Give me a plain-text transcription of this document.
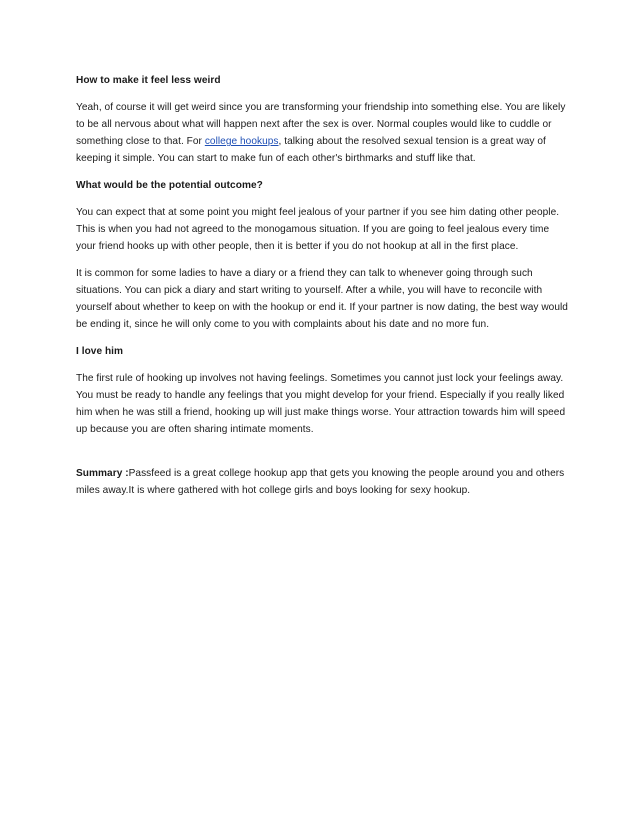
How to make it feel less weird

Yeah, of course it will get weird since you are transforming your friendship into something else. You are likely to be all nervous about what will happen next after the sex is over. Normal couples would like to cuddle or something close to that. For college hookups, talking about the resolved sexual tension is a great way of keeping it simple. You can start to make fun of each other's birthmarks and stuff like that.

What would be the potential outcome?

You can expect that at some point you might feel jealous of your partner if you see him dating other people. This is when you had not agreed to the monogamous situation. If you are going to feel jealous every time your friend hooks up with other people, then it is better if you do not hookup at all in the first place.

It is common for some ladies to have a diary or a friend they can talk to whenever going through such situations. You can pick a diary and start writing to yourself. After a while, you will have to reconcile with yourself about whether to keep on with the hookup or end it. If your partner is now dating, the best way would be ending it, since he will only come to you with complaints about his date and no more fun.

I love him

The first rule of hooking up involves not having feelings. Sometimes you cannot just lock your feelings away. You must be ready to handle any feelings that you might develop for your friend. Especially if you really liked him when he was still a friend, hooking up will just make things worse. Your attraction towards him will speed up because you are often sharing intimate moments.

Summary :Passfeed is a great college hookup app that gets you knowing the people around you and others miles away.It is where gathered with hot college girls and boys looking for sexy hookup.
